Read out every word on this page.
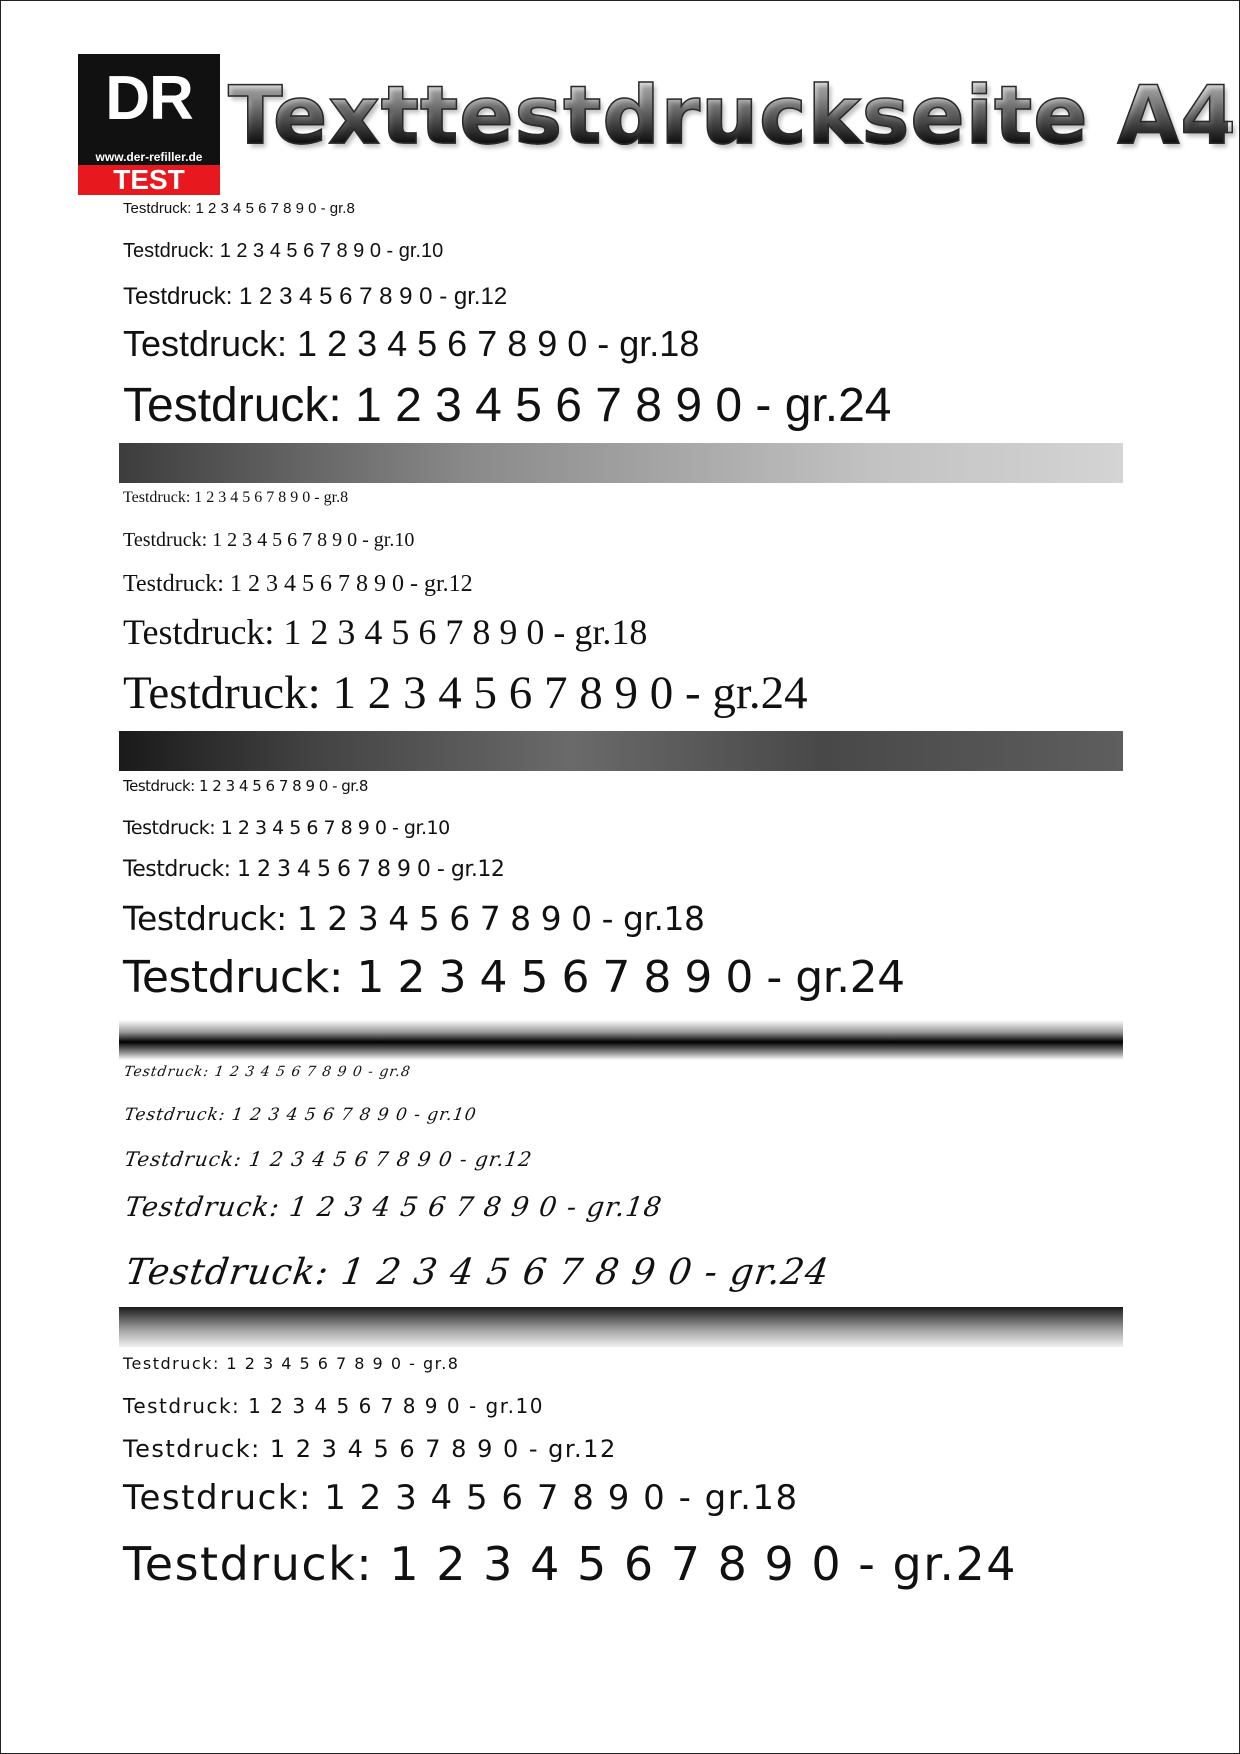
DR
www.der-refiller.de
TEST
Texttestdruckseite A4
Testdruck: 1 2 3 4 5 6 7 8 9 0 - gr.8
Testdruck: 1 2 3 4 5 6 7 8 9 0 - gr.10
Testdruck: 1 2 3 4 5 6 7 8 9 0 - gr.12
Testdruck: 1 2 3 4 5 6 7 8 9 0 - gr.18
Testdruck: 1 2 3 4 5 6 7 8 9 0 - gr.24
Testdruck: 1 2 3 4 5 6 7 8 9 0 - gr.8
Testdruck: 1 2 3 4 5 6 7 8 9 0 - gr.10
Testdruck: 1 2 3 4 5 6 7 8 9 0 - gr.12
Testdruck: 1 2 3 4 5 6 7 8 9 0 - gr.18
Testdruck: 1 2 3 4 5 6 7 8 9 0 - gr.24
Testdruck: 1 2 3 4 5 6 7 8 9 0 - gr.8
Testdruck: 1 2 3 4 5 6 7 8 9 0 - gr.10
Testdruck: 1 2 3 4 5 6 7 8 9 0 - gr.12
Testdruck: 1 2 3 4 5 6 7 8 9 0 - gr.18
Testdruck: 1 2 3 4 5 6 7 8 9 0 - gr.24
Testdruck: 1 2 3 4 5 6 7 8 9 0 - gr.8
Testdruck: 1 2 3 4 5 6 7 8 9 0 - gr.10
Testdruck: 1 2 3 4 5 6 7 8 9 0 - gr.12
Testdruck: 1 2 3 4 5 6 7 8 9 0 - gr.18
Testdruck: 1 2 3 4 5 6 7 8 9 0 - gr.24
Testdruck: 1 2 3 4 5 6 7 8 9 0 - gr.8
Testdruck: 1 2 3 4 5 6 7 8 9 0 - gr.10
Testdruck: 1 2 3 4 5 6 7 8 9 0 - gr.12
Testdruck: 1 2 3 4 5 6 7 8 9 0 - gr.18
Testdruck: 1 2 3 4 5 6 7 8 9 0 - gr.24
